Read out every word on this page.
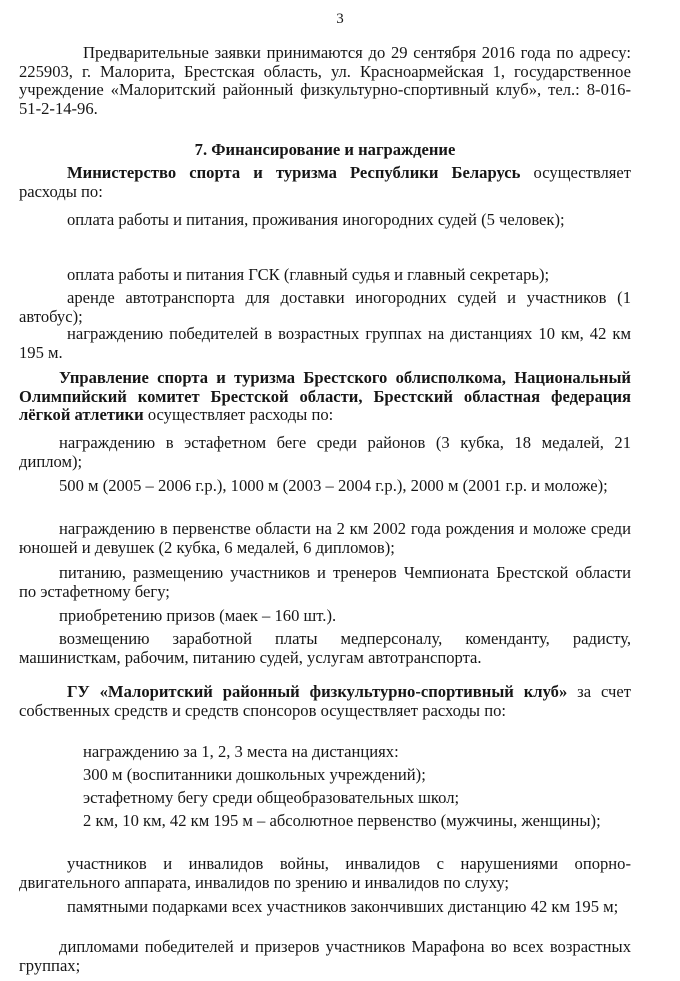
3

Предварительные заявки принимаются до 29 сентября 2016 года по адресу: 225903, г. Малорита, Брестская область, ул. Красноармейская 1, государственное учреждение «Малоритский районный физкультурно-спортивный клуб», тел.: 8-016-51-2-14-96.

7. Финансирование и награждение

Министерство спорта и туризма Республики Беларусь осуществляет расходы по:

оплата работы и питания, проживания иногородних судей (5 человек);

оплата работы и питания ГСК (главный судья и главный секретарь);

аренде автотранспорта для доставки иногородних судей и участников (1 автобус);

награждению победителей в возрастных группах на дистанциях 10 км, 42 км 195 м.

Управление спорта и туризма Брестского облисполкома, Национальный Олимпийский комитет Брестской области, Брестский областная федерация лёгкой атлетики осуществляет расходы по:

награждению в эстафетном беге среди районов (3 кубка, 18 медалей, 21 диплом);

500 м (2005 – 2006 г.р.), 1000 м (2003 – 2004 г.р.), 2000 м (2001 г.р. и моложе);

награждению в первенстве области на 2 км 2002 года рождения и моложе среди юношей и девушек (2 кубка, 6 медалей, 6 дипломов);

питанию, размещению участников и тренеров Чемпионата Брестской области по эстафетному бегу;

приобретению призов (маек – 160 шт.).

возмещению заработной платы медперсоналу, коменданту, радисту, машинисткам, рабочим, питанию судей, услугам автотранспорта.

ГУ «Малоритский районный физкультурно-спортивный клуб» за счет собственных средств и средств спонсоров осуществляет расходы по:

награждению за 1, 2, 3 места на дистанциях:

300 м (воспитанники дошкольных учреждений);

эстафетному бегу среди общеобразовательных школ;

2 км, 10 км, 42 км 195 м – абсолютное первенство (мужчины, женщины);

участников и инвалидов войны, инвалидов с нарушениями опорно-двигательного аппарата, инвалидов по зрению и инвалидов по слуху;

памятными подарками всех участников закончивших дистанцию 42 км 195 м;

дипломами победителей и призеров участников Марафона во всех возрастных группах;
